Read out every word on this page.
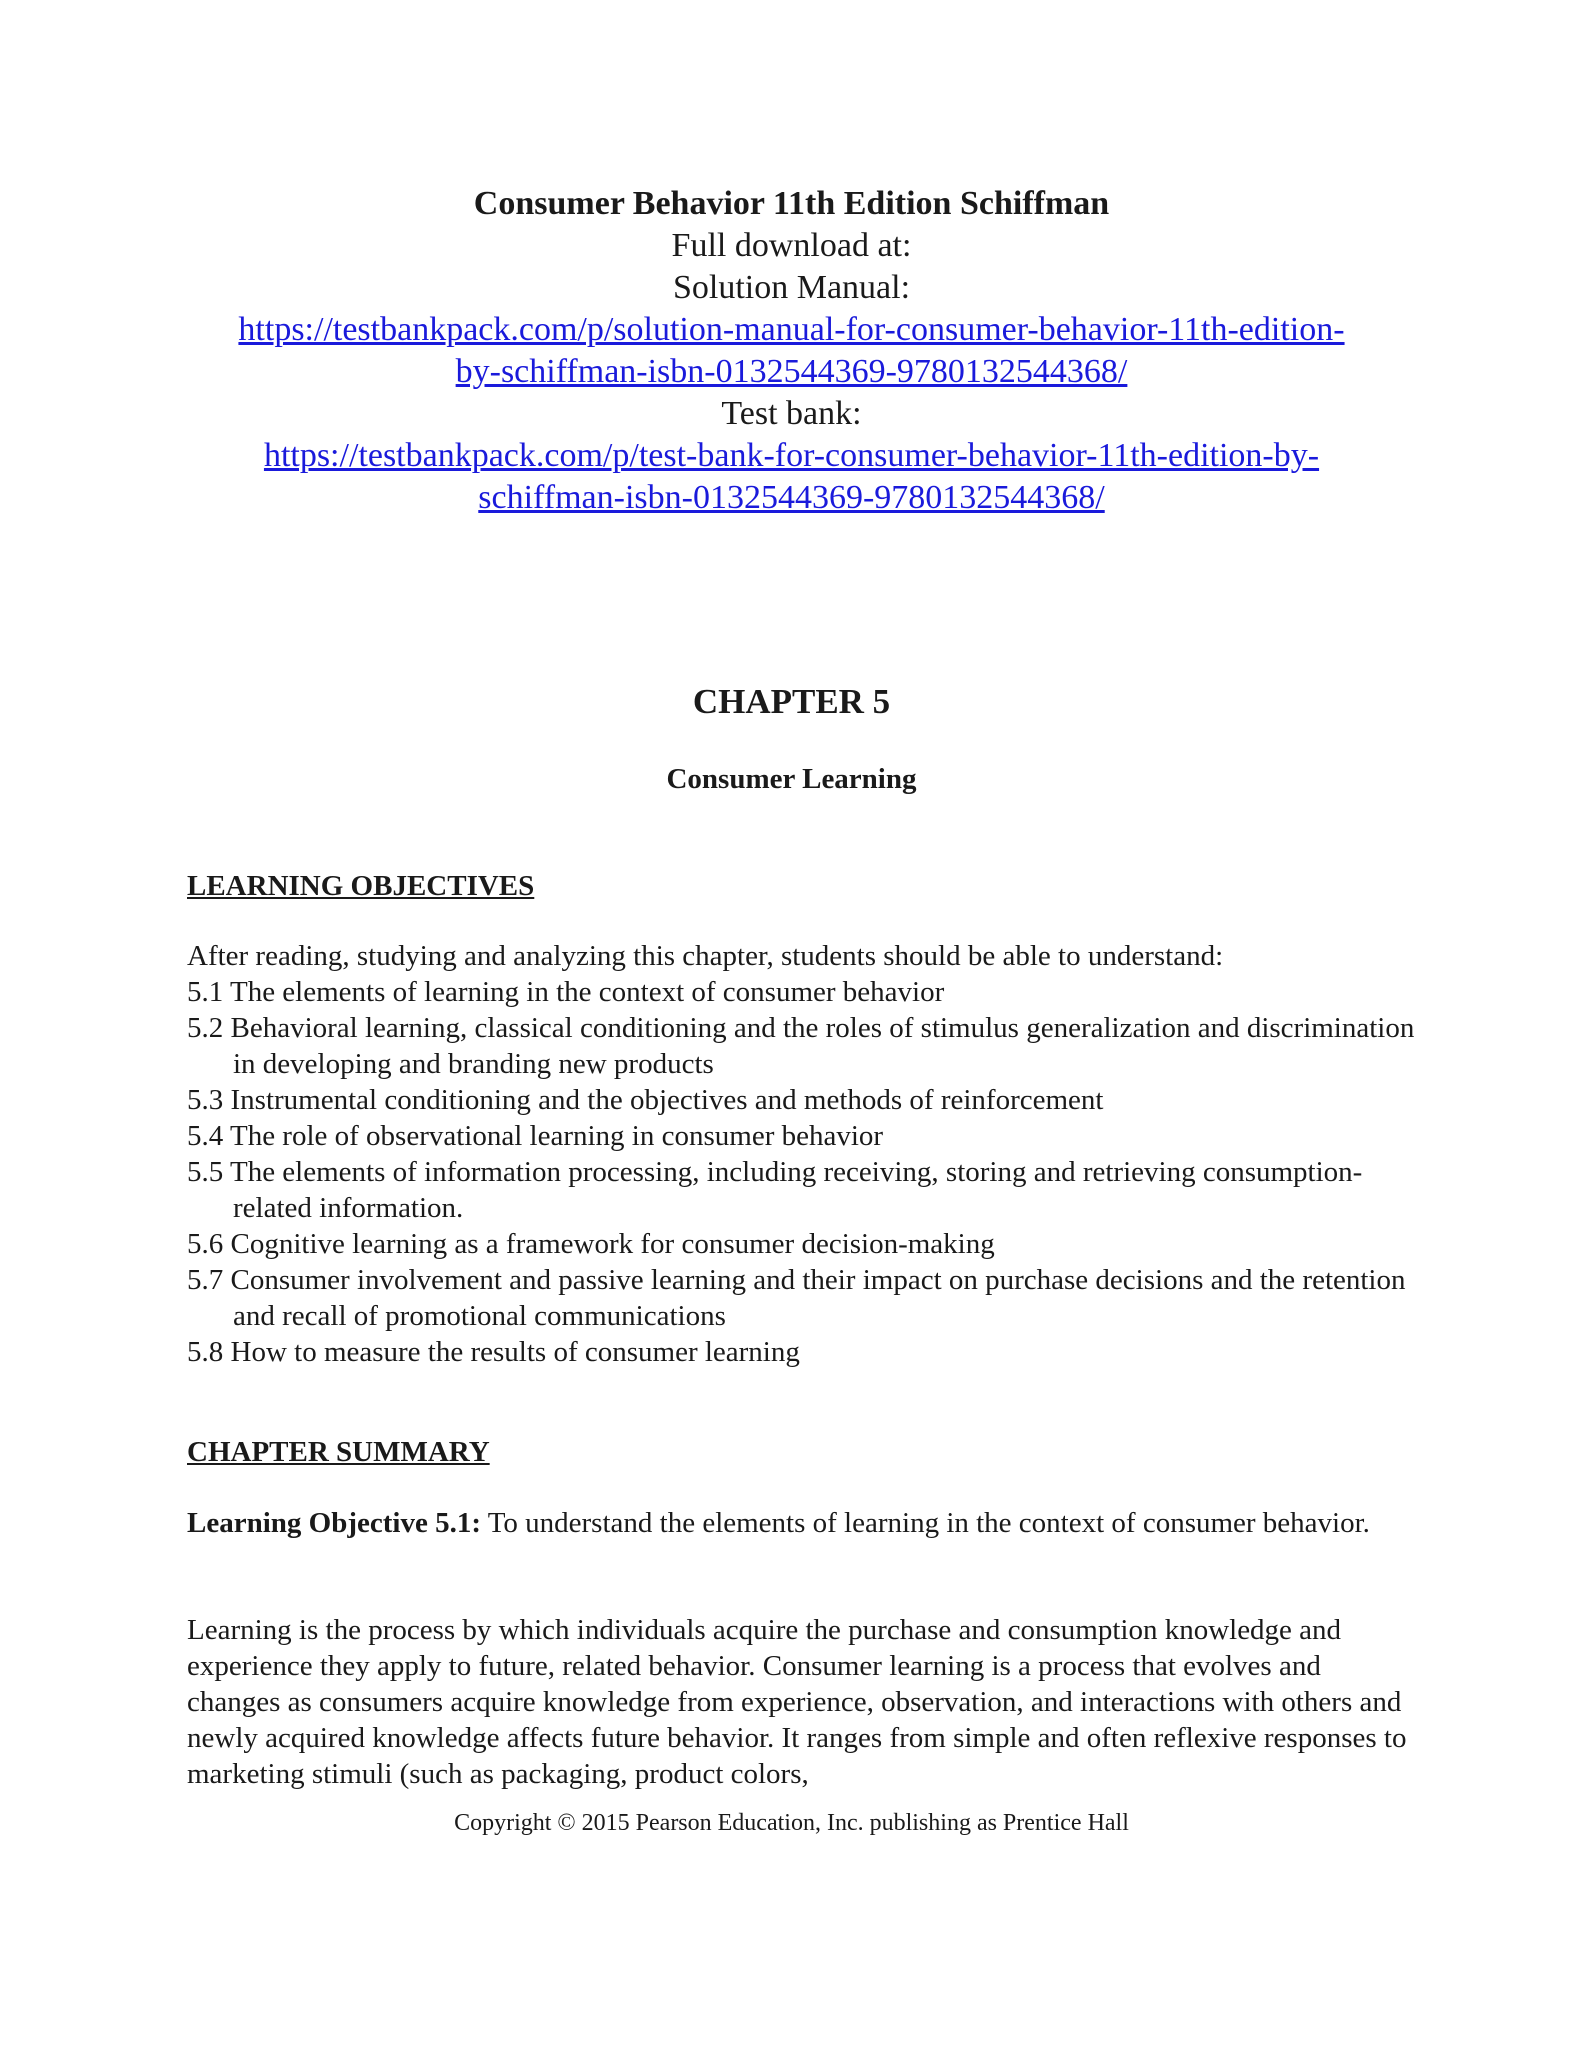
Consumer Behavior 11th Edition Schiffman
Full download at:
Solution Manual:
https://testbankpack.com/p/solution-manual-for-consumer-behavior-11th-edition-
by-schiffman-isbn-0132544369-9780132544368/
Test bank:
https://testbankpack.com/p/test-bank-for-consumer-behavior-11th-edition-by-
schiffman-isbn-0132544369-9780132544368/
CHAPTER 5
Consumer Learning
LEARNING OBJECTIVES
After reading, studying and analyzing this chapter, students should be able to understand:
5.1 The elements of learning in the context of consumer behavior
5.2 Behavioral learning, classical conditioning and the roles of stimulus generalization and discrimination in developing and branding new products
5.3 Instrumental conditioning and the objectives and methods of reinforcement
5.4 The role of observational learning in consumer behavior
5.5 The elements of information processing, including receiving, storing and retrieving consumption-related information.
5.6 Cognitive learning as a framework for consumer decision-making
5.7 Consumer involvement and passive learning and their impact on purchase decisions and the retention and recall of promotional communications
5.8 How to measure the results of consumer learning
CHAPTER SUMMARY
Learning Objective 5.1: To understand the elements of learning in the context of consumer behavior.
Learning is the process by which individuals acquire the purchase and consumption knowledge and experience they apply to future, related behavior. Consumer learning is a process that evolves and changes as consumers acquire knowledge from experience, observation, and interactions with others and newly acquired knowledge affects future behavior. It ranges from simple and often reflexive responses to marketing stimuli (such as packaging, product colors,
Copyright © 2015 Pearson Education, Inc. publishing as Prentice Hall
